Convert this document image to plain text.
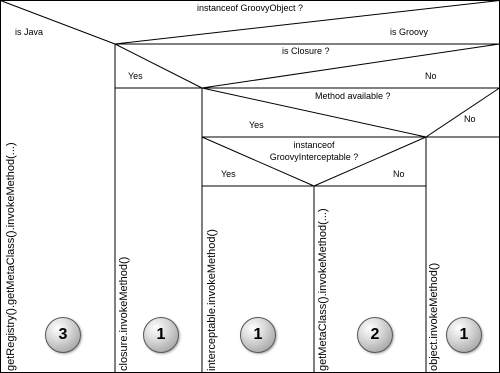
instanceof GroovyObject ?
is Java	is Groovy
is Closure ?
Yes	No
Method available ?
Yes
No
instanceof
GroovyInterceptable ?
Yes	No
getRegistry().getMetaClass().invokeMethod(...)	closure.invokeMethod()	interceptable.invokeMethod()	getMetaClass().invokeMethod(...)	object.invokeMethod()
3	1	1	2	1
